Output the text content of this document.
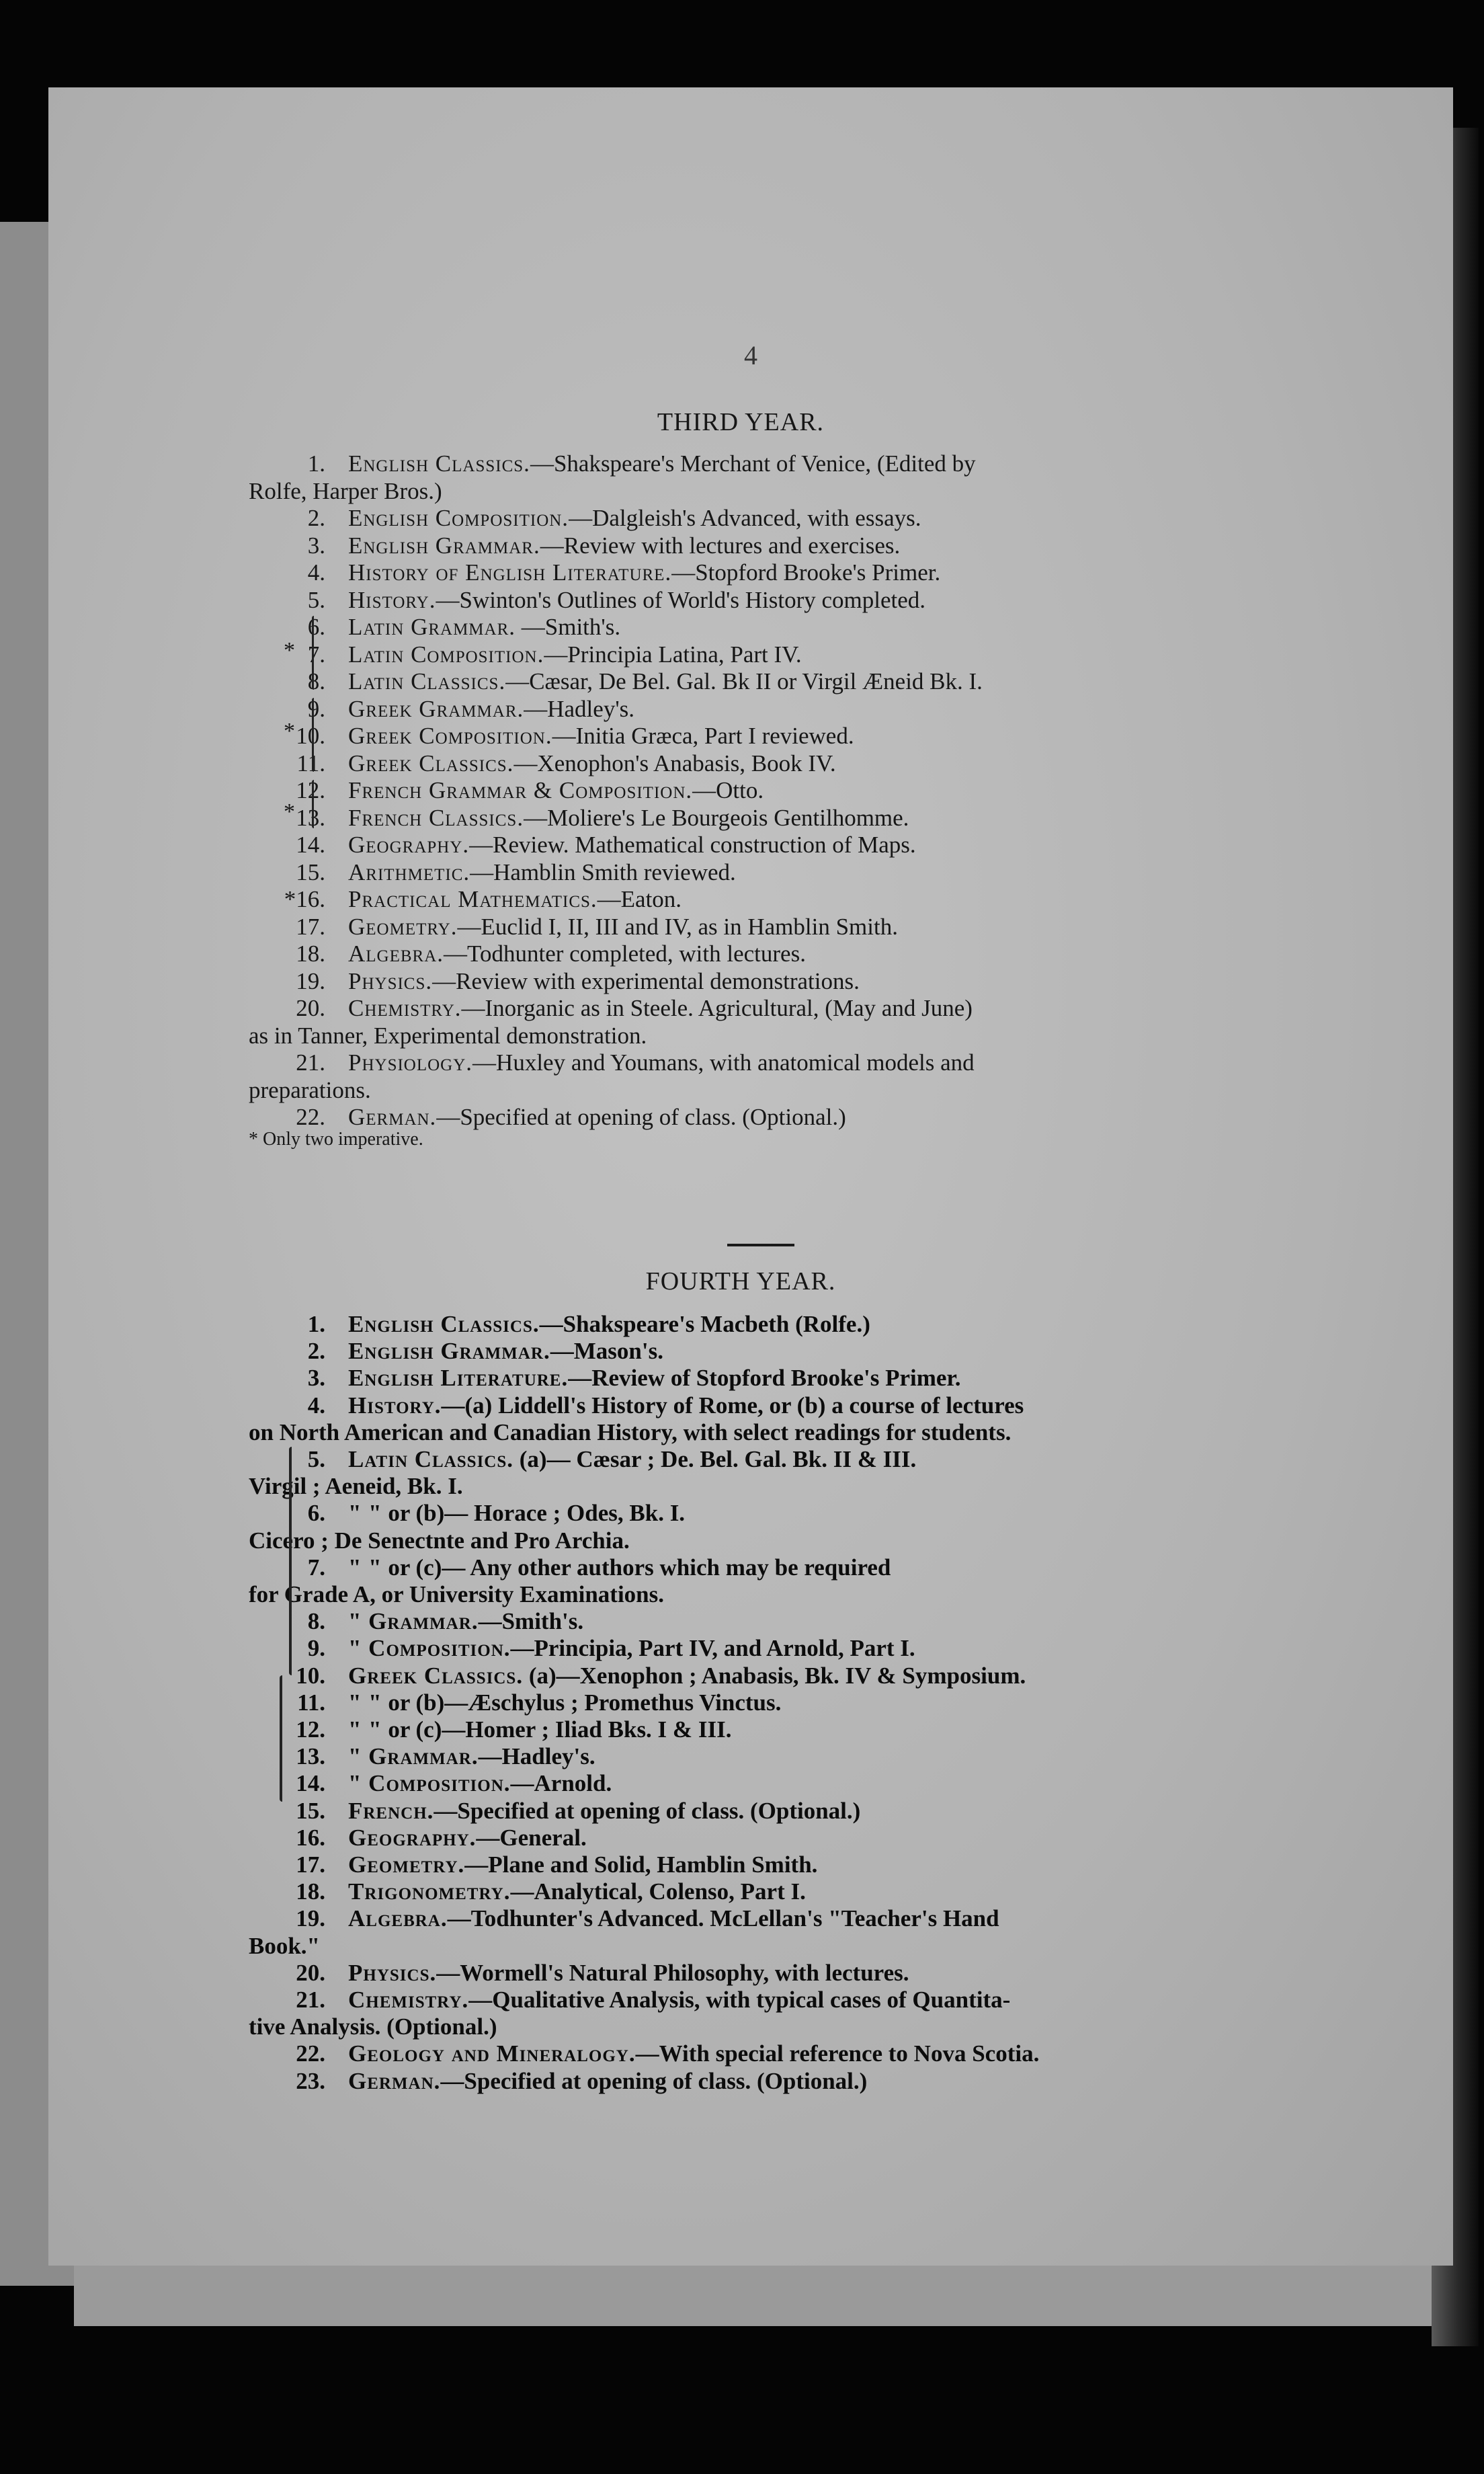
4
THIRD YEAR.
1. English Classics.—Shakspeare's Merchant of Venice, (Edited by
Rolfe, Harper Bros.)
2. English Composition.—Dalgleish's Advanced, with essays.
3. English Grammar.—Review with lectures and exercises.
4. History of English Literature.—Stopford Brooke's Primer.
5. History.—Swinton's Outlines of World's History completed.
6. Latin Grammar. —Smith's.
7. Latin Composition.—Principia Latina, Part IV.
8. Latin Classics.—Cæsar, De Bel. Gal. Bk II or Virgil Æneid Bk. I.
9. Greek Grammar.—Hadley's.
10. Greek Composition.—Initia Græca, Part I reviewed.
11. Greek Classics.—Xenophon's Anabasis, Book IV.
12. French Grammar & Composition.—Otto.
13. French Classics.—Moliere's Le Bourgeois Gentilhomme.
14. Geography.—Review. Mathematical construction of Maps.
15. Arithmetic.—Hamblin Smith reviewed.
*16. Practical Mathematics.—Eaton.
17. Geometry.—Euclid I, II, III and IV, as in Hamblin Smith.
18. Algebra.—Todhunter completed, with lectures.
19. Physics.—Review with experimental demonstrations.
20. Chemistry.—Inorganic as in Steele. Agricultural, (May and June)
as in Tanner, Experimental demonstration.
21. Physiology.—Huxley and Youmans, with anatomical models and
preparations.
22. German.—Specified at opening of class. (Optional.)
*
*
*
* Only two imperative.
FOURTH YEAR.
1. English Classics.—Shakspeare's Macbeth (Rolfe.)
2. English Grammar.—Mason's.
3. English Literature.—Review of Stopford Brooke's Primer.
4. History.—(a) Liddell's History of Rome, or (b) a course of lectures
on North American and Canadian History, with select readings for students.
5. Latin Classics. (a)— Cæsar ; De. Bel. Gal. Bk. II & III.
Virgil ; Aeneid, Bk. I.
6. " " or (b)— Horace ; Odes, Bk. I.
Cicero ; De Senectnte and Pro Archia.
7. " " or (c)— Any other authors which may be required
for Grade A, or University Examinations.
8. " Grammar.—Smith's.
9. " Composition.—Principia, Part IV, and Arnold, Part I.
10. Greek Classics. (a)—Xenophon ; Anabasis, Bk. IV & Symposium.
11. " " or (b)—Æschylus ; Promethus Vinctus.
12. " " or (c)—Homer ; Iliad Bks. I & III.
13. " Grammar.—Hadley's.
14. " Composition.—Arnold.
15. French.—Specified at opening of class. (Optional.)
16. Geography.—General.
17. Geometry.—Plane and Solid, Hamblin Smith.
18. Trigonometry.—Analytical, Colenso, Part I.
19. Algebra.—Todhunter's Advanced. McLellan's "Teacher's Hand
Book."
20. Physics.—Wormell's Natural Philosophy, with lectures.
21. Chemistry.—Qualitative Analysis, with typical cases of Quantita-
tive Analysis. (Optional.)
22. Geology and Mineralogy.—With special reference to Nova Scotia.
23. German.—Specified at opening of class. (Optional.)
